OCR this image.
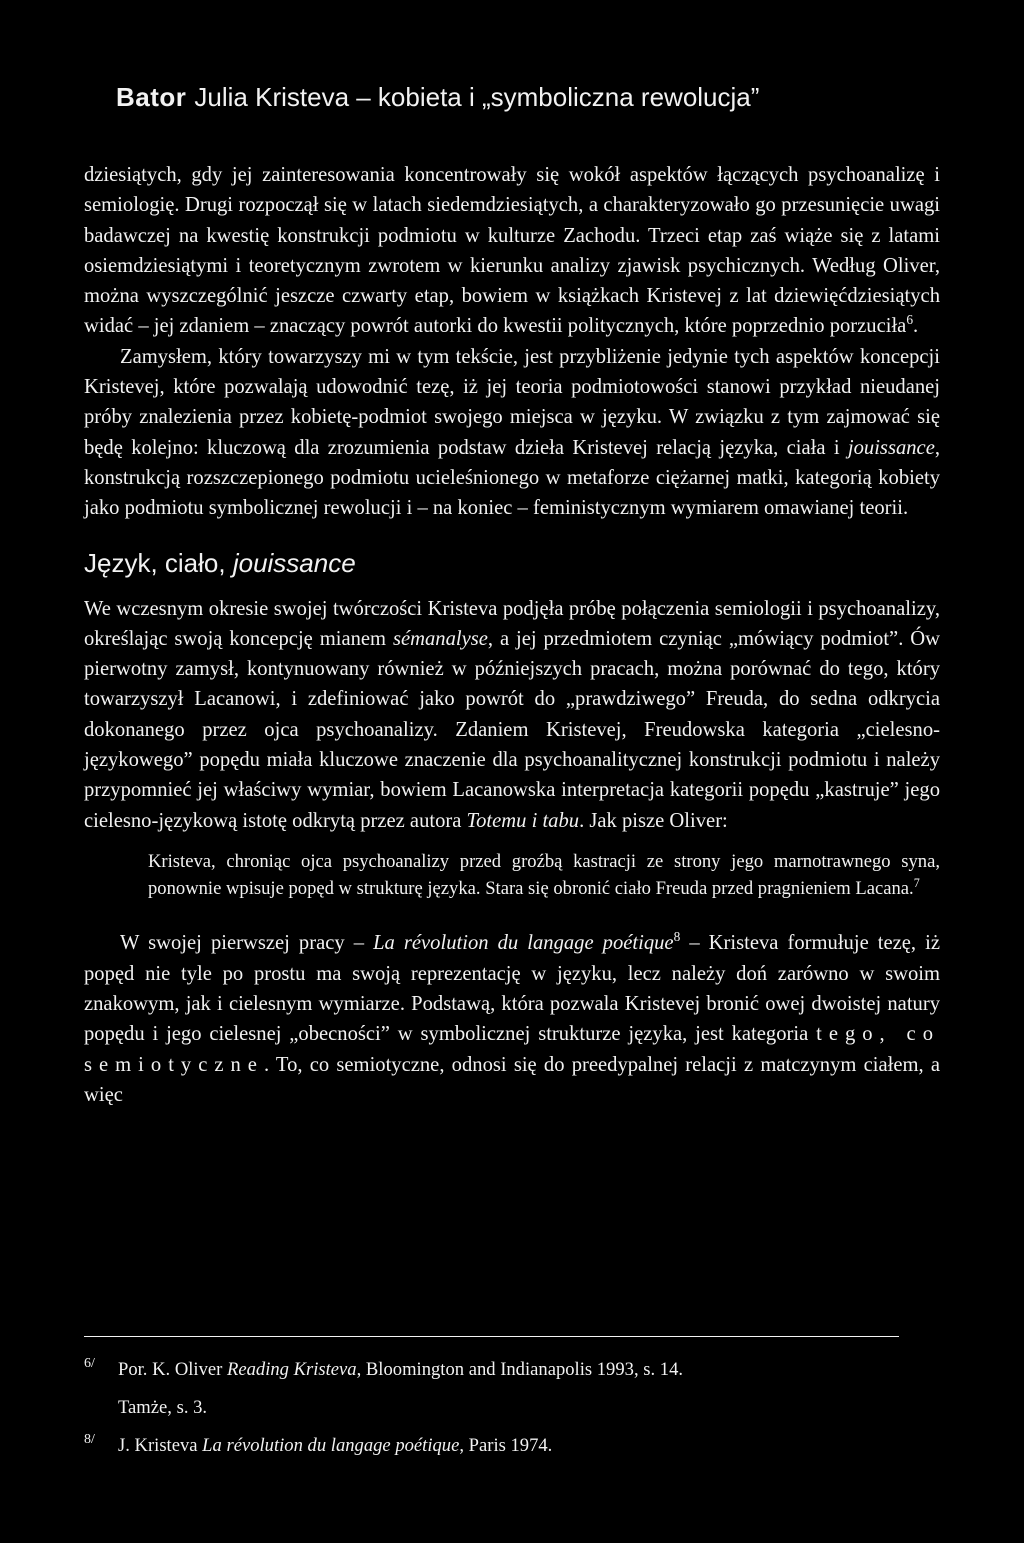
Bator Julia Kristeva – kobieta i „symboliczna rewolucja”

dziesiątych, gdy jej zainteresowania koncentrowały się wokół aspektów łączących psychoanalizę i semiologię. Drugi rozpoczął się w latach siedemdziesiątych, a charakteryzowało go przesunięcie uwagi badawczej na kwestię konstrukcji podmiotu w kulturze Zachodu. Trzeci etap zaś wiąże się z latami osiemdziesiątymi i teoretycznym zwrotem w kierunku analizy zjawisk psychicznych. Według Oliver, można wyszczególnić jeszcze czwarty etap, bowiem w książkach Kristevej z lat dziewięćdziesiątych widać – jej zdaniem – znaczący powrót autorki do kwestii politycznych, które poprzednio porzuciła$^6$.

Zamysłem, który towarzyszy mi w tym tekście, jest przybliżenie jedynie tych aspektów koncepcji Kristevej, które pozwalają udowodnić tezę, iż jej teoria podmiotowości stanowi przykład nieudanej próby znalezienia przez kobietę-podmiot swojego miejsca w języku. W związku z tym zajmować się będę kolejno: kluczową dla zrozumienia podstaw dzieła Kristevej relacją języka, ciała i jouissance, konstrukcją rozszczepionego podmiotu ucieleśnionego w metaforze ciężarnej matki, kategorią kobiety jako podmiotu symbolicznej rewolucji i – na koniec – feministycznym wymiarem omawianej teorii.

Język, ciało, jouissance

We wczesnym okresie swojej twórczości Kristeva podjęła próbę połączenia semiologii i psychoanalizy, określając swoją koncepcję mianem sémanalyse, a jej przedmiotem czyniąc „mówiący podmiot”. Ów pierwotny zamysł, kontynuowany również w późniejszych pracach, można porównać do tego, który towarzyszył Lacanowi, i zdefiniować jako powrót do „prawdziwego” Freuda, do sedna odkrycia dokonanego przez ojca psychoanalizy. Zdaniem Kristevej, Freudowska kategoria „cielesno-językowego” popędu miała kluczowe znaczenie dla psychoanalitycznej konstrukcji podmiotu i należy przypomnieć jej właściwy wymiar, bowiem Lacanowska interpretacja kategorii popędu „kastruje” jego cielesno-językową istotę odkrytą przez autora Totemu i tabu. Jak pisze Oliver:

Kristeva, chroniąc ojca psychoanalizy przed groźbą kastracji ze strony jego marnotrawnego syna, ponownie wpisuje popęd w strukturę języka. Stara się obronić ciało Freuda przed pragnieniem Lacana.$^7$

W swojej pierwszej pracy – La révolution du langage poétique$^8$ – Kristeva formułuje tezę, iż popęd nie tyle po prostu ma swoją reprezentację w języku, lecz należy doń zarówno w swoim znakowym, jak i cielesnym wymiarze. Podstawą, która pozwala Kristevej bronić owej dwoistej natury popędu i jego cielesnej „obecności” w symbolicznej strukturze języka, jest kategoria tego, co semiotyczne. To, co semiotyczne, odnosi się do preedypalnej relacji z matczynym ciałem, a więc

6/ Por. K. Oliver Reading Kristeva, Bloomington and Indianapolis 1993, s. 14.
Tamże, s. 3.
8/ J. Kristeva La révolution du langage poétique, Paris 1974.
